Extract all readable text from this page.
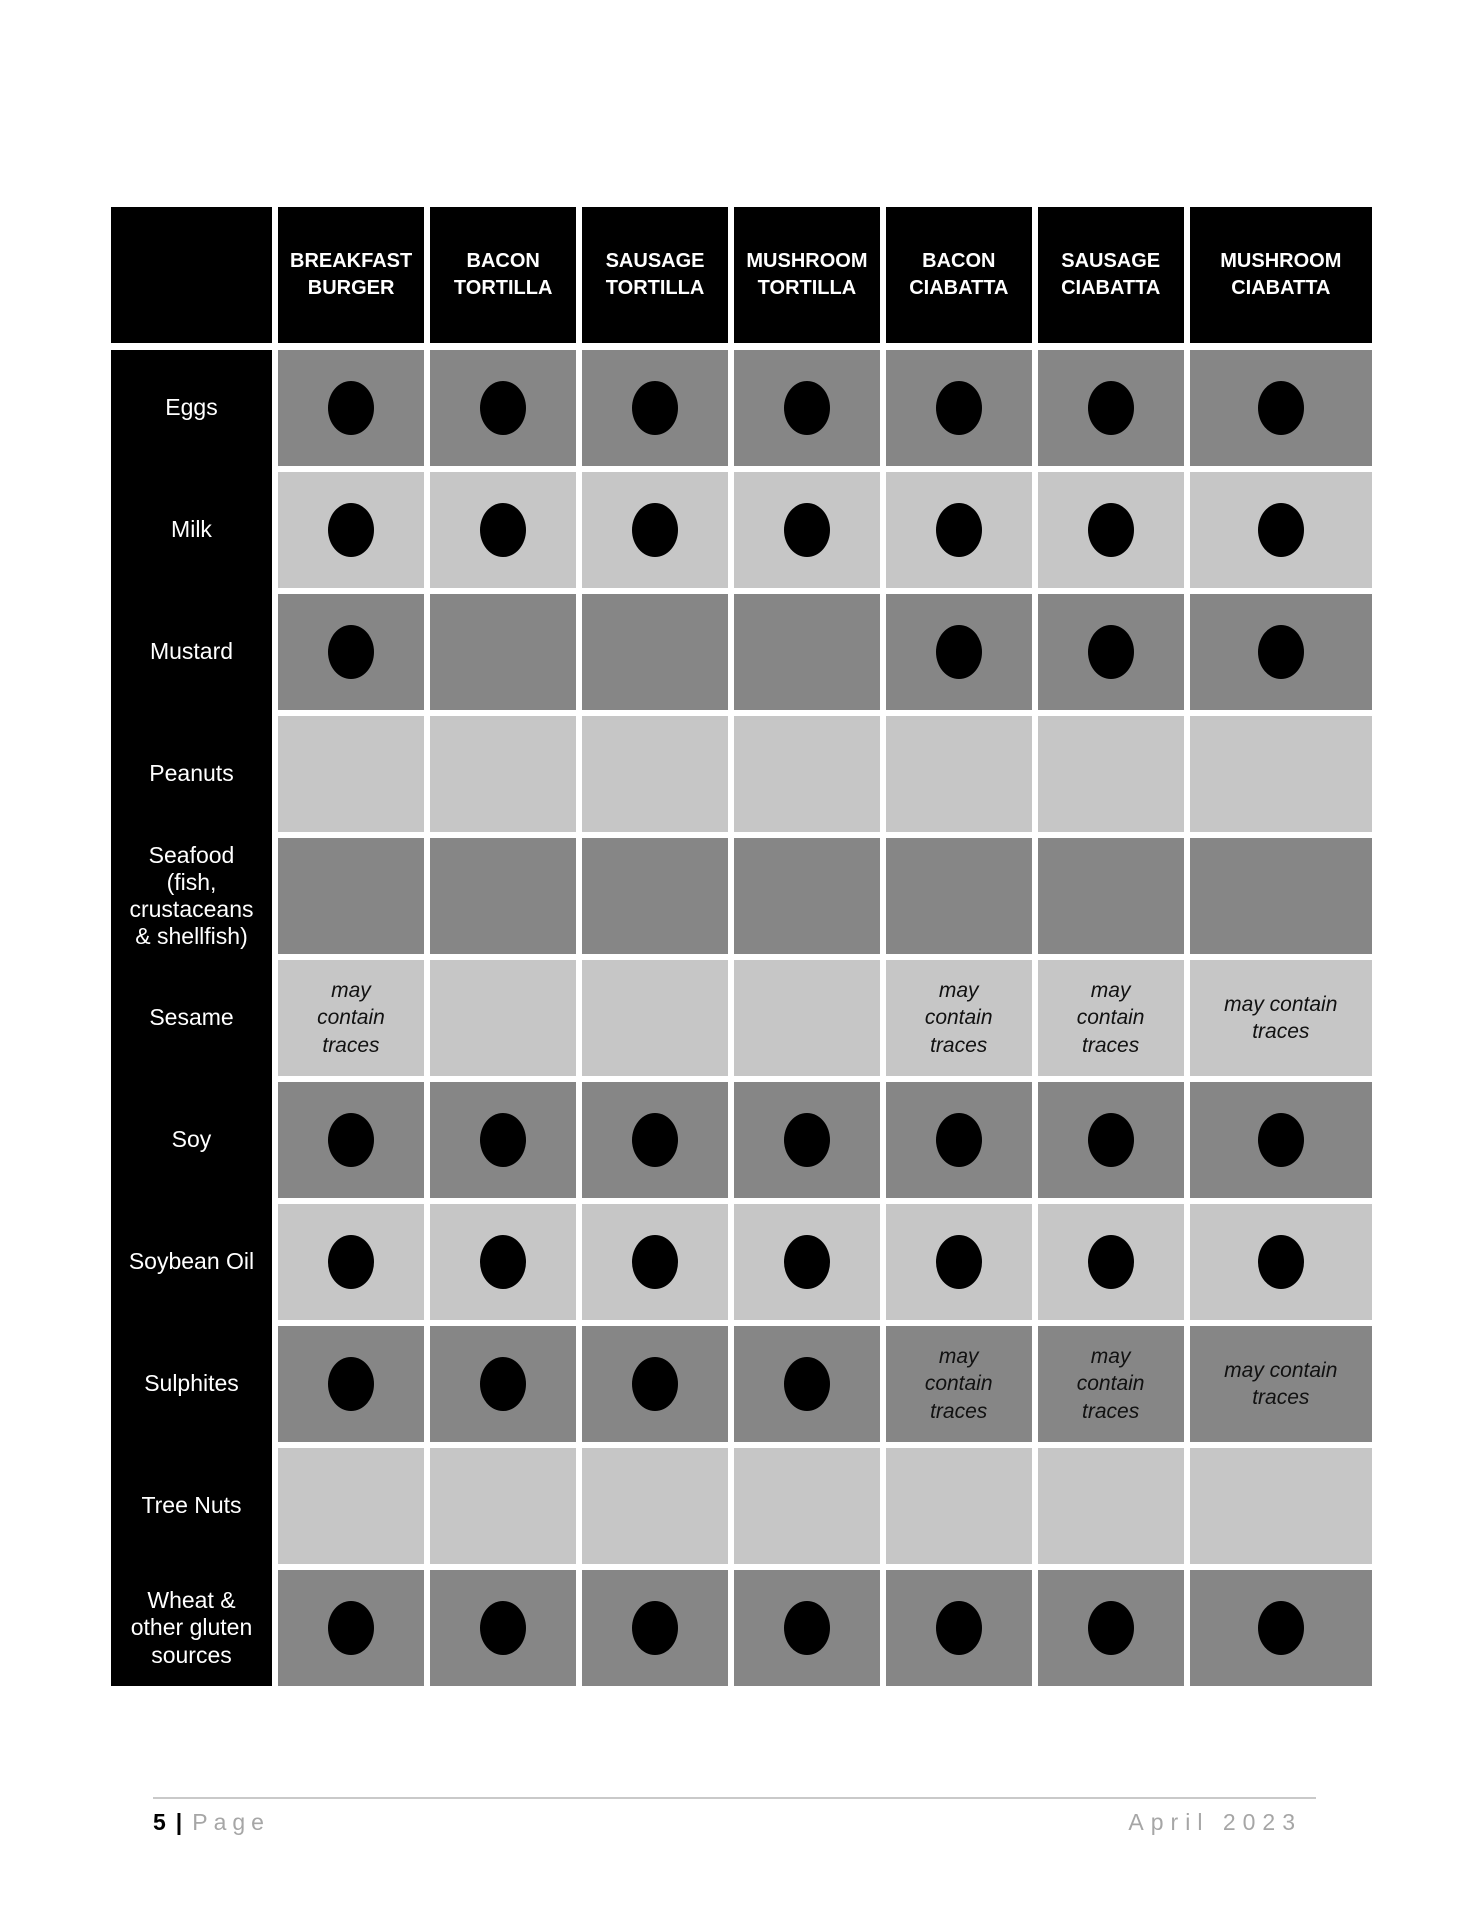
BREAKFAST BURGER
BACON TORTILLA
SAUSAGE TORTILLA
MUSHROOM TORTILLA
BACON CIABATTA
SAUSAGE CIABATTA
MUSHROOM CIABATTA
Eggs
Milk
Mustard
Peanuts
Seafood (fish, crustaceans & shellfish)
Sesame
Soy
Soybean Oil
Sulphites
Tree Nuts
Wheat & other gluten sources
may contain traces
may contain traces
may contain traces
may contain traces
may contain traces
may contain traces
may contain traces
5 | Page	April 2023
